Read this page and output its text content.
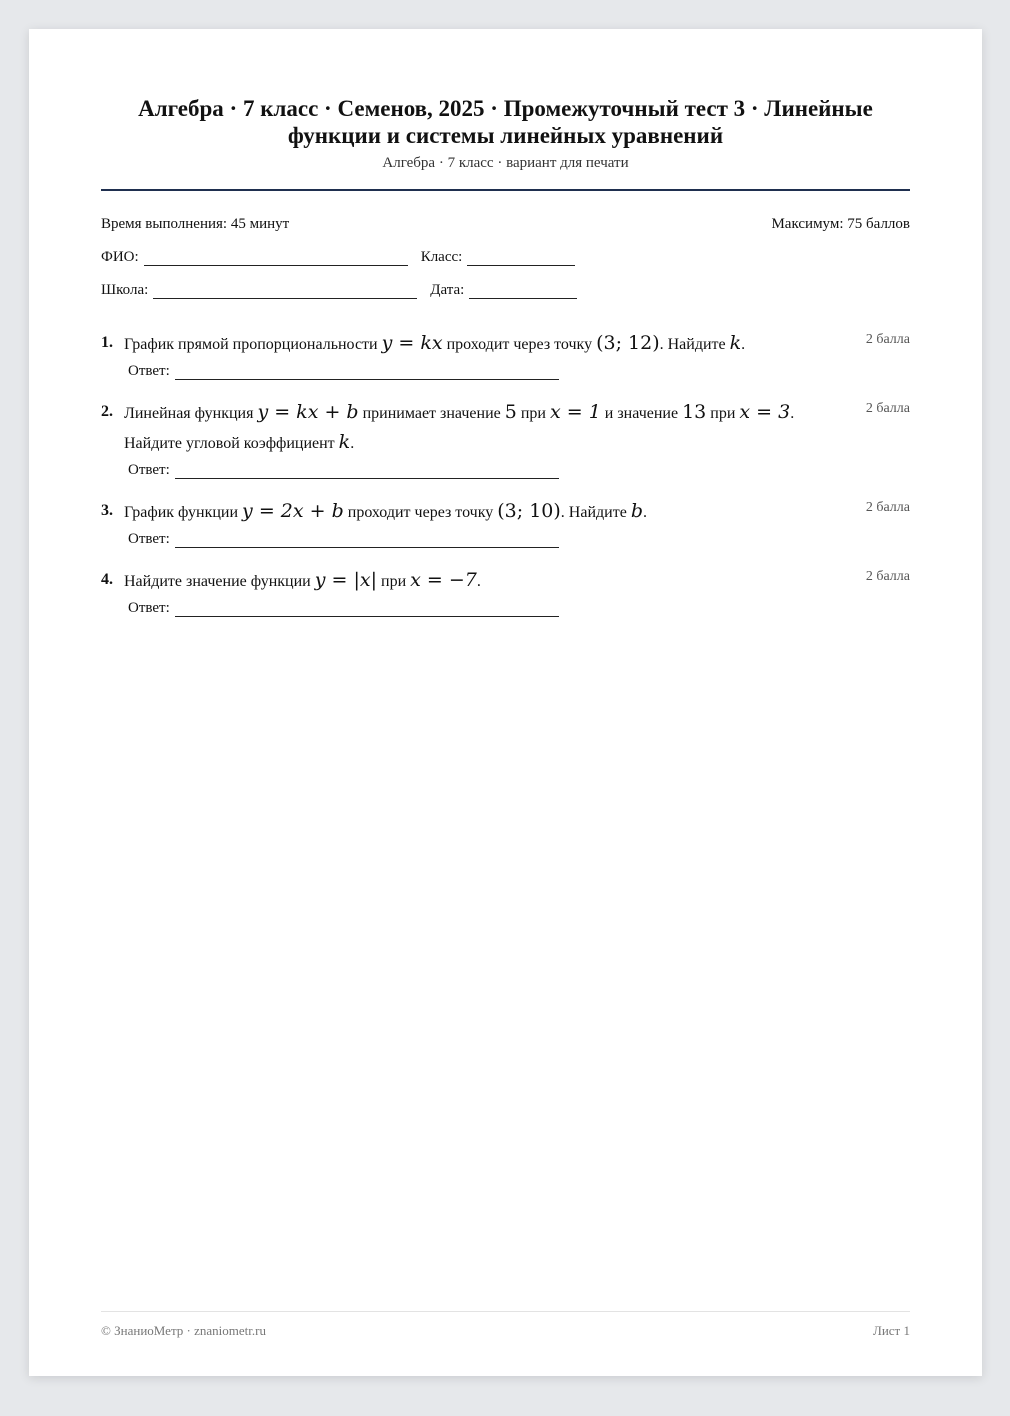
Алгебра · 7 класс · Семенов, 2025 · Промежуточный тест 3 · Линейные функции и системы линейных уравнений
Алгебра · 7 класс · вариант для печати
Время выполнения: 45 минут	Максимум: 75 баллов
ФИО:	Класс:
Школа:	Дата:
1. График прямой пропорциональности y = kx проходит через точку (3; 12). Найдите k.	2 балла
Ответ:
2. Линейная функция y = kx + b принимает значение 5 при x = 1 и значение 13 при x = 3. Найдите угловой коэффициент k.
2 балла
Ответ:
3. График функции y = 2x + b проходит через точку (3; 10). Найдите b.	2 балла
Ответ:
4. Найдите значение функции y = |x| при x = −7.	2 балла
Ответ:
© ЗнаниоМетр · znaniometr.ru	Лист 1
